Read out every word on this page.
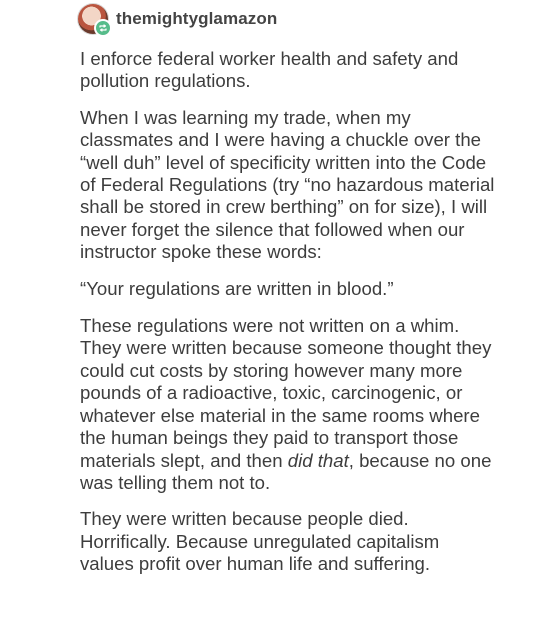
themightyglamazon

I enforce federal worker health and safety and pollution regulations.

When I was learning my trade, when my classmates and I were having a chuckle over the “well duh” level of specificity written into the Code of Federal Regulations (try “no hazardous material shall be stored in crew berthing” on for size), I will never forget the silence that followed when our instructor spoke these words:

“Your regulations are written in blood.”

These regulations were not written on a whim. They were written because someone thought they could cut costs by storing however many more pounds of a radioactive, toxic, carcinogenic, or whatever else material in the same rooms where the human beings they paid to transport those materials slept, and then did that, because no one was telling them not to.

They were written because people died. Horrifically. Because unregulated capitalism values profit over human life and suffering.
